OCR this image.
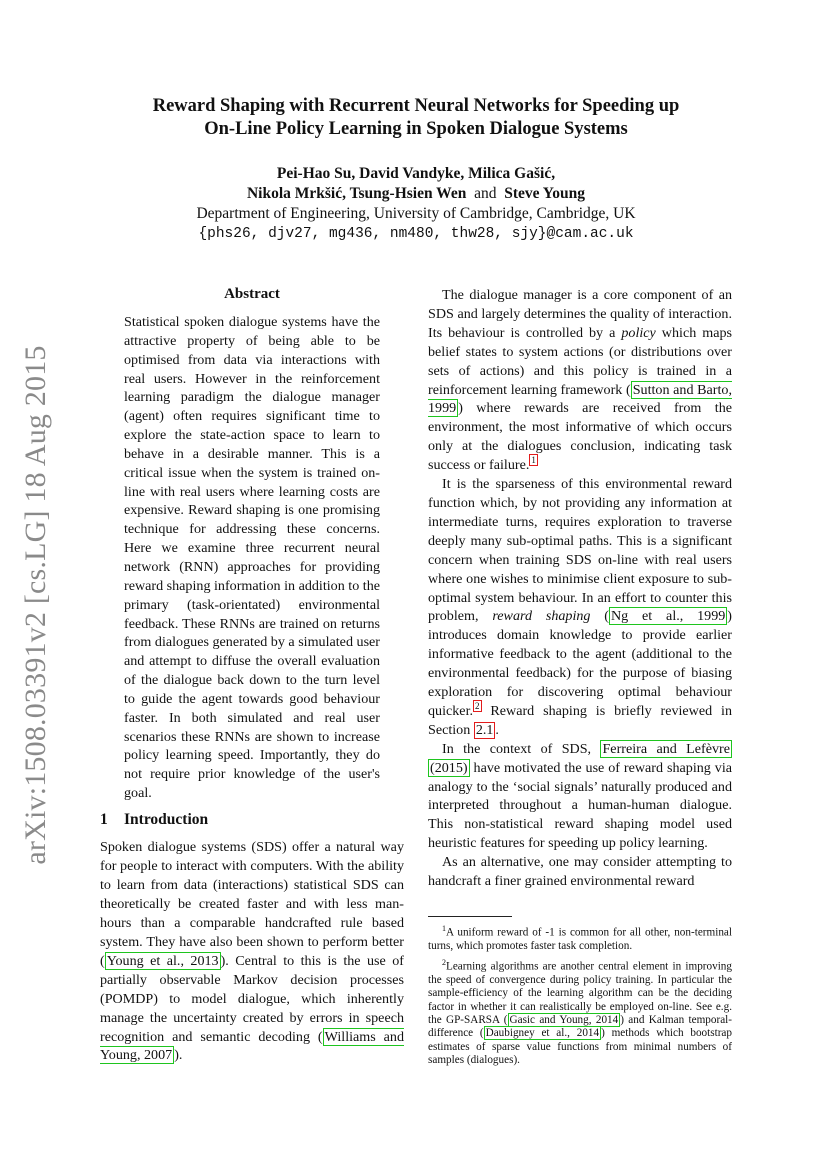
arXiv:1508.03391v2 [cs.LG] 18 Aug 2015
Reward Shaping with Recurrent Neural Networks for Speeding up
On-Line Policy Learning in Spoken Dialogue Systems
Pei-Hao Su, David Vandyke, Milica Gašić,
Nikola Mrkšić, Tsung-Hsien Wen and Steve Young
Department of Engineering, University of Cambridge, Cambridge, UK
{phs26, djv27, mg436, nm480, thw28, sjy}@cam.ac.uk
Abstract
Statistical spoken dialogue systems have the attractive property of being able to be optimised from data via interactions with real users. However in the reinforcement learning paradigm the dialogue manager (agent) often requires significant time to explore the state-action space to learn to behave in a desirable manner. This is a critical issue when the system is trained on-line with real users where learning costs are expensive. Reward shaping is one promising technique for addressing these concerns. Here we examine three recurrent neural network (RNN) approaches for providing reward shaping information in addition to the primary (task-orientated) environmental feedback. These RNNs are trained on returns from dialogues generated by a simulated user and attempt to diffuse the overall evaluation of the dialogue back down to the turn level to guide the agent towards good behaviour faster. In both simulated and real user scenarios these RNNs are shown to increase policy learning speed. Importantly, they do not require prior knowledge of the user's goal.
1 Introduction

Spoken dialogue systems (SDS) offer a natural way for people to interact with computers. With the ability to learn from data (interactions) statistical SDS can theoretically be created faster and with less man-hours than a comparable handcrafted rule based system. They have also been shown to perform better ( Young et al., 2013 ). Central to this is the use of partially observable Markov decision processes (POMDP) to model dialogue, which inherently manage the uncertainty created by errors in speech recognition and semantic decoding ( Williams and Young, 2007 ).

The dialogue manager is a core component of an SDS and largely determines the quality of interaction. Its behaviour is controlled by a policy which maps belief states to system actions (or distributions over sets of actions) and this policy is trained in a reinforcement learning framework ( Sutton and Barto, 1999 ) where rewards are received from the environment, the most informative of which occurs only at the dialogues conclusion, indicating task success or failure. $^1$

It is the sparseness of this environmental reward function which, by not providing any information at intermediate turns, requires exploration to traverse deeply many sub-optimal paths. This is a significant concern when training SDS on-line with real users where one wishes to minimise client exposure to sub-optimal system behaviour. In an effort to counter this problem, reward shaping ( Ng et al., 1999 ) introduces domain knowledge to provide earlier informative feedback to the agent (additional to the environmental feedback) for the purpose of biasing exploration for discovering optimal behaviour quicker. $^2$ Reward shaping is briefly reviewed in Section 2.1 .

In the context of SDS, Ferreira and Lefèvre (2015) have motivated the use of reward shaping via analogy to the ‘social signals’ naturally produced and interpreted throughout a human-human dialogue. This non-statistical reward shaping model used heuristic features for speeding up policy learning.

As an alternative, one may consider attempting to handcraft a finer grained environmental reward

$^1$A uniform reward of -1 is common for all other, non-terminal turns, which promotes faster task completion.

$^2$Learning algorithms are another central element in improving the speed of convergence during policy training. In particular the sample-efficiency of the learning algorithm can be the deciding factor in whether it can realistically be employed on-line. See e.g. the GP-SARSA ( Gasic and Young, 2014 ) and Kalman temporal-difference ( Daubigney et al., 2014 ) methods which bootstrap estimates of sparse value functions from minimal numbers of samples (dialogues).
